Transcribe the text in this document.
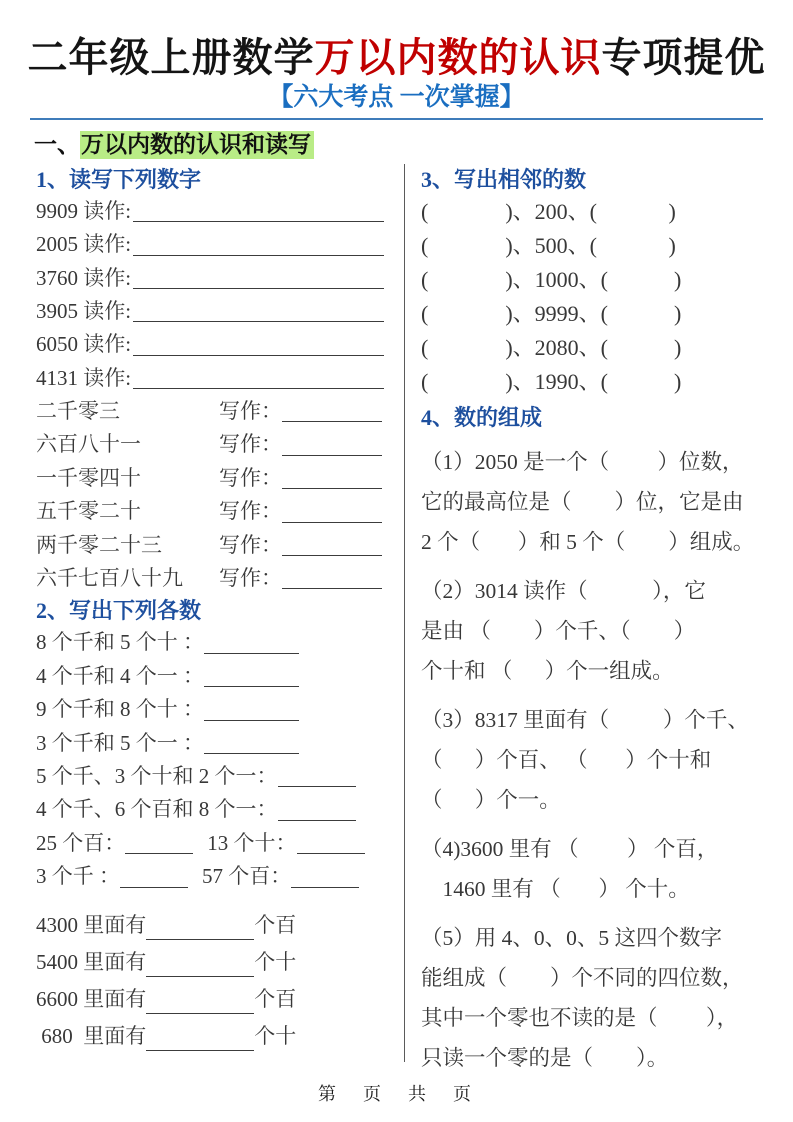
二年级上册数学万以内数的认识专项提优
【六大考点 一次掌握】
一、万以内数的认识和读写
1、读写下列数字
9909 读作:
2005 读作:
3760 读作:
3905 读作:
6050 读作:
4131 读作:
二千零三	写作：
六百八十一	写作：
一千零四十	写作：
五千零二十	写作：
两千零二十三	写作：
六千七百八十九	写作：
2、写出下列各数
8 个千和 5 个十 ：
4 个千和 4 个一 ：
9 个千和 8 个十 ：
3 个千和 5 个一 ：
5 个千、3 个十和 2 个一：
4 个千、6 个百和 8 个一：
25 个百：	13 个十：
3 个千 ：	57 个百：
4300 里面有	个百
5400 里面有	个十
6600 里面有	个百
680  里面有	个十
3、写出相邻的数
(              )、200、(             )
(              )、500、(             )
(              )、1000、(            )
(              )、9999、(            )
(              )、2080、(            )
(              )、1990、(            )
4、数的组成
（1）2050 是一个（         ）位数，
它的最高位是（        ）位，它是由
2 个（       ）和 5 个（        ）组成。
（2）3014 读作（            ），它
是由 （        ）个千、（        ）
个十和 （      ）个一组成。
（3）8317 里面有（          ）个千、
（      ）个百、 （       ）个十和
（      ）个一。
（4)3600 里有 （         ） 个百，
1460 里有 （       ） 个十。
（5）用 4、0、0、5 这四个数字
能组成（        ）个不同的四位数，
其中一个零也不读的是（         ），
只读一个零的是（        ）。
第 页 共 页
